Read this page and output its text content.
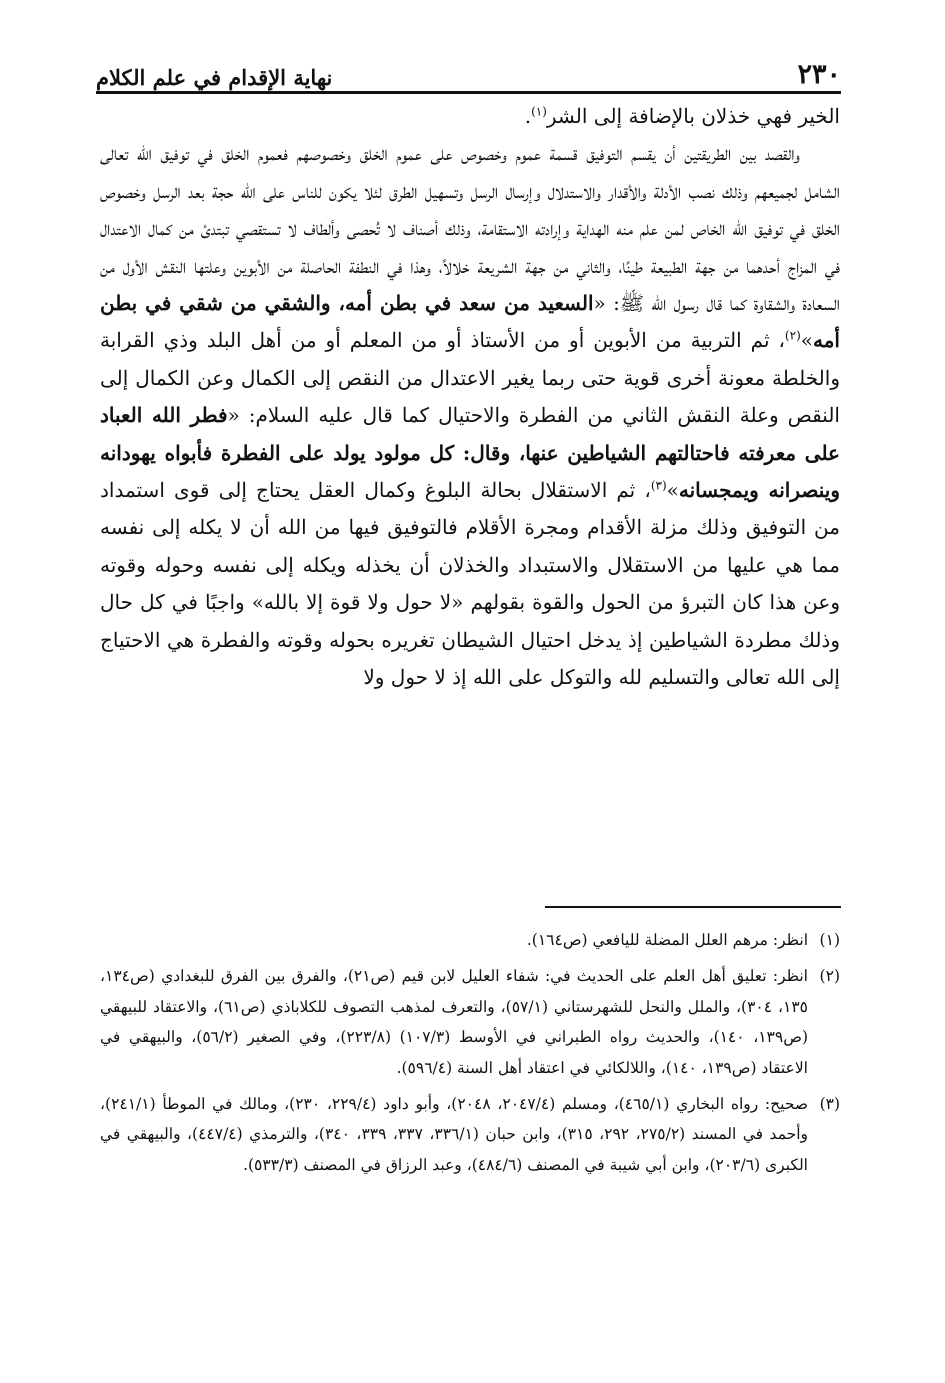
٢٣٠
نهاية الإقدام في علم الكلام

الخير فهي خذلان بالإضافة إلى الشر$^{(١)}$.

والقصد بين الطريقتين أن يقسم التوفيق قسمة عموم وخصوص على عموم الخلق وخصوصهم فعموم الخلق في توفيق الله تعالى الشامل لجميعهم وذلك نصب الأدلة والأقدار والاستدلال وإرسال الرسل وتسهيل الطرق لئلا يكون للناس على الله حجة بعد الرسل وخصوص الخلق في توفيق الله الخاص لمن علم منه الهداية وإرادته الاستقامة، وذلك أصناف لا تُحصى وألطاف لا تستقصي تبتدئ من كمال الاعتدال في المزاج أحدهما من جهة الطبيعة طينًا، والثاني من جهة الشريعة خلالاً، وهذا في النطفة الحاصلة من الأبوين وعلتها النقش الأول من السعادة والشقاوة كما قال رسول الله ﷺ: «السعيد من سعد في بطن أمه، والشقي من شقي في بطن أمه»$^{(٢)}$، ثم التربية من الأبوين أو من الأستاذ أو من المعلم أو من أهل البلد وذي القرابة والخلطة معونة أخرى قوية حتى ربما يغير الاعتدال من النقص إلى الكمال وعن الكمال إلى النقص وعلة النقش الثاني من الفطرة والاحتيال كما قال عليه السلام: «فطر الله العباد على معرفته فاحتالتهم الشياطين عنها، وقال: كل مولود يولد على الفطرة فأبواه يهودانه وينصرانه ويمجسانه»$^{(٣)}$، ثم الاستقلال بحالة البلوغ وكمال العقل يحتاج إلى قوى استمداد من التوفيق وذلك مزلة الأقدام ومجرة الأقلام فالتوفيق فيها من الله أن لا يكله إلى نفسه مما هي عليها من الاستقلال والاستبداد والخذلان أن يخذله ويكله إلى نفسه وحوله وقوته وعن هذا كان التبرؤ من الحول والقوة بقولهم «لا حول ولا قوة إلا بالله» واجبًا في كل حال وذلك مطردة الشياطين إذ يدخل احتيال الشيطان تغريره بحوله وقوته والفطرة هي الاحتياج إلى الله تعالى والتسليم لله والتوكل على الله إذ لا حول ولا

(١)انظر: مرهم العلل المضلة لليافعي (ص١٦٤).

(٢)انظر: تعليق أهل العلم على الحديث في: شفاء العليل لابن قيم (ص٢١)، والفرق بين الفرق للبغدادي (ص١٣٤، ١٣٥، ٣٠٤)، والملل والنحل للشهرستاني (٥٧/١)، والتعرف لمذهب التصوف للكلاباذي (ص٦١)، والاعتقاد للبيهقي (ص١٣٩، ١٤٠)، والحديث رواه الطبراني في الأوسط (١٠٧/٣) (٢٢٣/٨)، وفي الصغير (٥٦/٢)، والبيهقي في الاعتقاد (ص١٣٩، ١٤٠)، واللالكائي في اعتقاد أهل السنة (٥٩٦/٤).

(٣)صحيح: رواه البخاري (٤٦٥/١)، ومسلم (٢٠٤٧/٤، ٢٠٤٨)، وأبو داود (٢٢٩/٤، ٢٣٠)، ومالك في الموطأ (٢٤١/١)، وأحمد في المسند (٢٧٥/٢، ٢٩٢، ٣١٥)، وابن حبان (٣٣٦/١، ٣٣٧، ٣٣٩، ٣٤٠)، والترمذي (٤٤٧/٤)، والبيهقي في الكبرى (٢٠٣/٦)، وابن أبي شيبة في المصنف (٤٨٤/٦)، وعبد الرزاق في المصنف (٥٣٣/٣).
